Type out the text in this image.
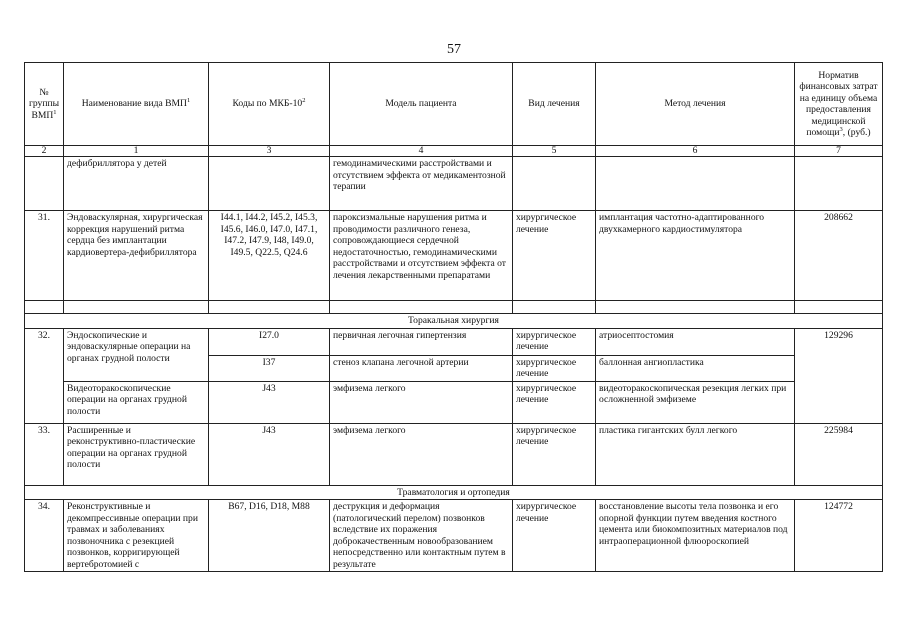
57
№ группы ВМП$^1$	Наименование вида ВМП$^1$	Коды по МКБ-$10^2$	Модель пациента	Вид лечения	Метод лечения	Норматив финансовых затрат на единицу объема предоставления медицинской помощи$^3$, (руб.)
2	1	3	4	5	6	7
	дефибриллятора у детей		гемодинамическими расстройствами и отсутствием эффекта от медикаментозной терапии			
31.	Эндоваскулярная, хирургическая коррекция нарушений ритма сердца без имплантации кардиовертера-дефибриллятора	I44.1, I44.2, I45.2, I45.3, I45.6, I46.0, I47.0, I47.1, I47.2, I47.9, I48, I49.0, I49.5, Q22.5, Q24.6	пароксизмальные нарушения ритма и проводимости различного генеза, сопровождающиеся сердечной недостаточностью, гемодинамическими расстройствами и отсутствием эффекта от лечения лекарственными препаратами	хирургическое лечение	имплантация частотно-адаптированного двухкамерного кардиостимулятора	208662

Торакальная хирургия						
32.	Эндоскопические и эндоваскулярные операции на органах грудной полости	I27.0	первичная легочная гипертензия	хирургическое лечение	атриосептостомия	129296
		I37	стеноз клапана легочной артерии	хирургическое лечение	баллонная ангиопластика	
	Видеоторакоскопические операции на органах грудной полости	J43	эмфизема легкого	хирургическое лечение	видеоторакоскопическая резекция легких при осложненной эмфиземе	
33.	Расширенные и реконструктивно-пластические операции на органах грудной полости	J43	эмфизема легкого	хирургическое лечение	пластика гигантских булл легкого	225984
Травматология и ортопедия						
34.	Реконструктивные и декомпрессивные операции при травмах и заболеваниях позвоночника с резекцией позвонков, корригирующей вертебротомией с	B67, D16, D18, M88	деструкция и деформация (патологический перелом) позвонков вследствие их поражения доброкачественным новообразованием непосредственно или контактным путем в результате	хирургическое лечение	восстановление высоты тела позвонка и его опорной функции путем введения костного цемента или биокомпозитных материалов под интраоперационной флюороскопией	124772
